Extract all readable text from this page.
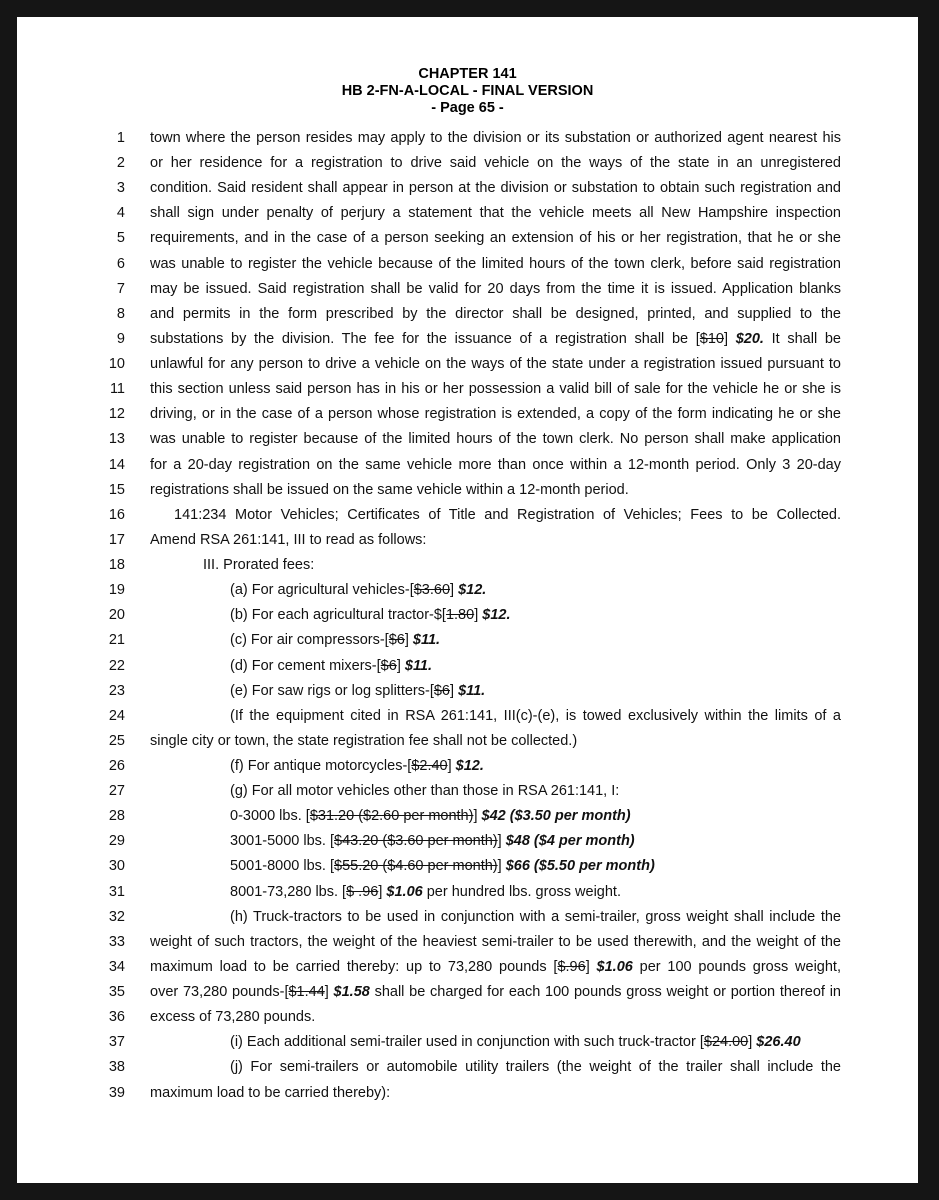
CHAPTER 141
HB 2-FN-A-LOCAL - FINAL VERSION
- Page 65 -
1 town where the person resides may apply to the division or its substation or authorized agent nearest his
2 or her residence for a registration to drive said vehicle on the ways of the state in an unregistered
3 condition. Said resident shall appear in person at the division or substation to obtain such registration and
4 shall sign under penalty of perjury a statement that the vehicle meets all New Hampshire inspection
5 requirements, and in the case of a person seeking an extension of his or her registration, that he or she
6 was unable to register the vehicle because of the limited hours of the town clerk, before said registration
7 may be issued. Said registration shall be valid for 20 days from the time it is issued. Application blanks
8 and permits in the form prescribed by the director shall be designed, printed, and supplied to the
9 substations by the division. The fee for the issuance of a registration shall be [$10] $20. It shall be
10 unlawful for any person to drive a vehicle on the ways of the state under a registration issued pursuant to
11 this section unless said person has in his or her possession a valid bill of sale for the vehicle he or she is
12 driving, or in the case of a person whose registration is extended, a copy of the form indicating he or she
13 was unable to register because of the limited hours of the town clerk. No person shall make application
14 for a 20-day registration on the same vehicle more than once within a 12-month period. Only 3 20-day
15 registrations shall be issued on the same vehicle within a 12-month period.
16	141:234 Motor Vehicles; Certificates of Title and Registration of Vehicles; Fees to be Collected.
17 Amend RSA 261:141, III to read as follows:
18	III. Prorated fees:
19	(a) For agricultural vehicles-[$3.60] $12.
20	(b) For each agricultural tractor-$[1.80] $12.
21	(c) For air compressors-[$6] $11.
22	(d) For cement mixers-[$6] $11.
23	(e) For saw rigs or log splitters-[$6] $11.
24	(If the equipment cited in RSA 261:141, III(c)-(e), is towed exclusively within the limits of a
25 single city or town, the state registration fee shall not be collected.)
26	(f) For antique motorcycles-[$2.40] $12.
27	(g) For all motor vehicles other than those in RSA 261:141, I:
28	0-3000 lbs. [$31.20 ($2.60 per month)] $42 ($3.50 per month)
29	3001-5000 lbs. [$43.20 ($3.60 per month)] $48 ($4 per month)
30	5001-8000 lbs. [$55.20 ($4.60 per month)] $66 ($5.50 per month)
31	8001-73,280 lbs. [$ .96] $1.06 per hundred lbs. gross weight.
32	(h) Truck-tractors to be used in conjunction with a semi-trailer, gross weight shall include the
33 weight of such tractors, the weight of the heaviest semi-trailer to be used therewith, and the weight of the
34 maximum load to be carried thereby: up to 73,280 pounds [$.96] $1.06 per 100 pounds gross weight,
35 over 73,280 pounds-[$1.44] $1.58 shall be charged for each 100 pounds gross weight or portion thereof in
36 excess of 73,280 pounds.
37	(i) Each additional semi-trailer used in conjunction with such truck-tractor [$24.00] $26.40
38	(j) For semi-trailers or automobile utility trailers (the weight of the trailer shall include the
39 maximum load to be carried thereby):
